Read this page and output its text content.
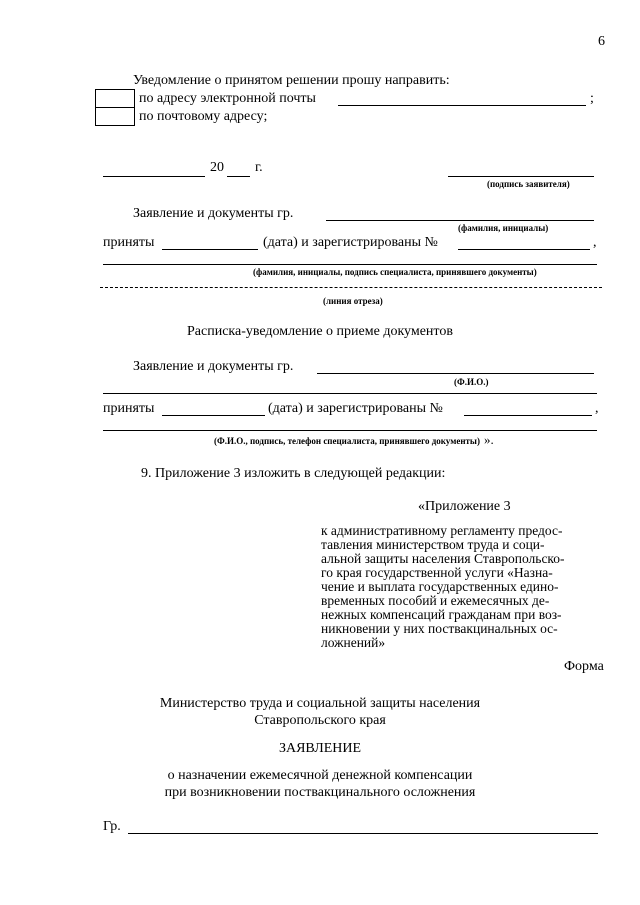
6
Уведомление о принятом решении прошу направить:
по адресу электронной почты	;
по почтовому адресу;
20 г.
(подпись заявителя)
Заявление и документы гр.
(фамилия, инициалы)
приняты	(дата) и зарегистрированы №	,
(фамилия, инициалы, подпись специалиста, принявшего документы)
(линия отреза)
Расписка-уведомление о приеме документов
Заявление и документы гр.
(Ф.И.О.)
приняты	(дата) и зарегистрированы №	,
(Ф.И.О., подпись, телефон специалиста, принявшего документы) ».
9. Приложение 3 изложить в следующей редакции:
«Приложение 3
к административному регламенту предос-
тавления министерством труда и соци-
альной защиты населения Ставропольско-
го края государственной услуги «Назна-
чение и выплата государственных едино-
временных пособий и ежемесячных де-
нежных компенсаций гражданам при воз-
никновении у них поствакцинальных ос-
ложнений»
Форма
Министерство труда и социальной защиты населения
Ставропольского края
ЗАЯВЛЕНИЕ
о назначении ежемесячной денежной компенсации
при возникновении поствакцинального осложнения
Гр.
